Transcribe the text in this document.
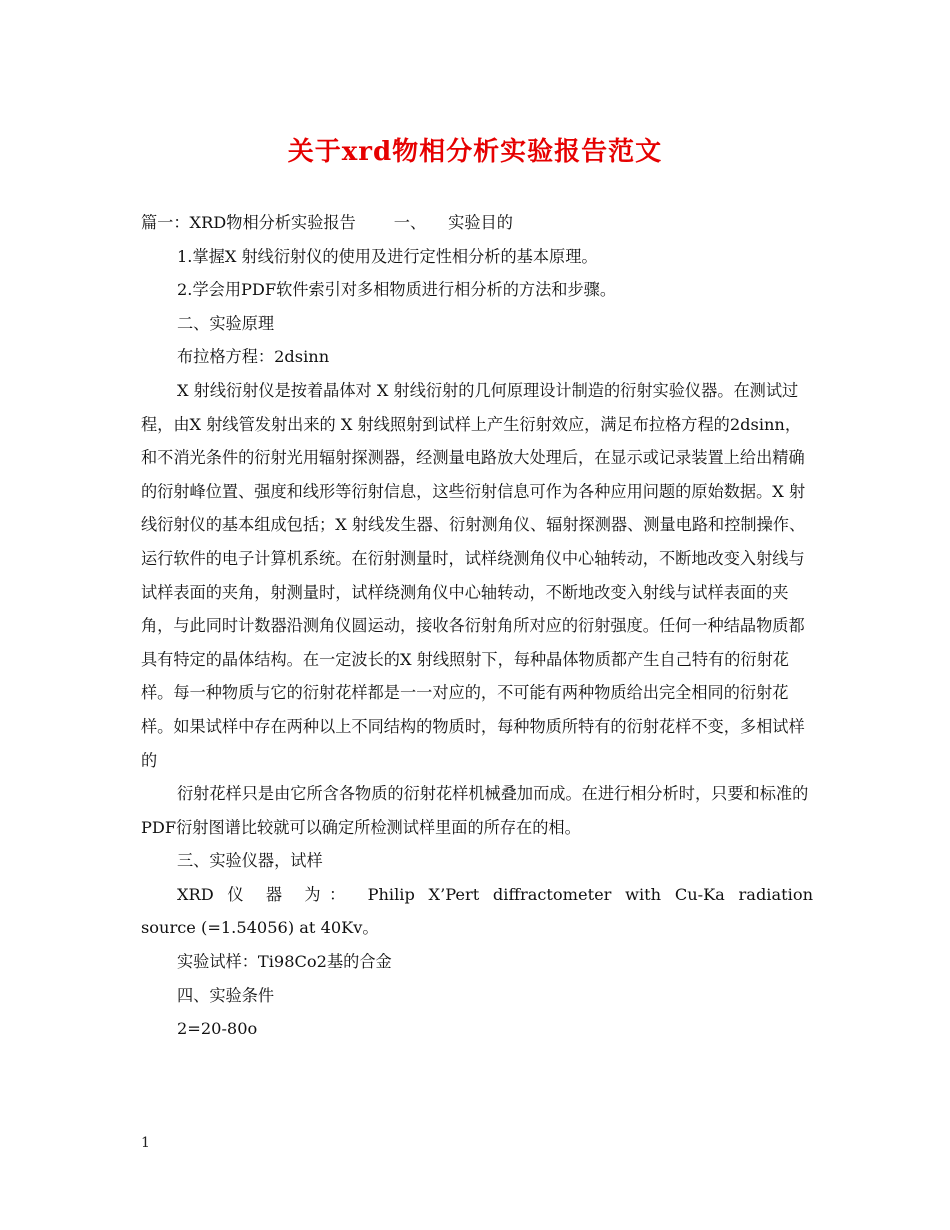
关于xrd物相分析实验报告范文

篇一：XRD物相分析实验报告 一、 实验目的

1.掌握X 射线衍射仪的使用及进行定性相分析的基本原理。

2.学会用PDF软件索引对多相物质进行相分析的方法和步骤。

二、实验原理

布拉格方程：2dsinn

X 射线衍射仪是按着晶体对 X 射线衍射的几何原理设计制造的衍射实验仪器。在测试过程，由X 射线管发射出来的 X 射线照射到试样上产生衍射效应，满足布拉格方程的2dsinn，和不消光条件的衍射光用辐射探测器，经测量电路放大处理后，在显示或记录装置上给出精确的衍射峰位置、强度和线形等衍射信息，这些衍射信息可作为各种应用问题的原始数据。X 射线衍射仪的基本组成包括；X 射线发生器、衍射测角仪、辐射探测器、测量电路和控制操作、运行软件的电子计算机系统。在衍射测量时，试样绕测角仪中心轴转动，不断地改变入射线与试样表面的夹角，射测量时，试样绕测角仪中心轴转动，不断地改变入射线与试样表面的夹角，与此同时计数器沿测角仪圆运动，接收各衍射角所对应的衍射强度。任何一种结晶物质都具有特定的晶体结构。在一定波长的X 射线照射下，每种晶体物质都产生自己特有的衍射花样。每一种物质与它的衍射花样都是一一对应的，不可能有两种物质给出完全相同的衍射花样。如果试样中存在两种以上不同结构的物质时，每种物质所特有的衍射花样不变，多相试样的

衍射花样只是由它所含各物质的衍射花样机械叠加而成。在进行相分析时，只要和标准的PDF衍射图谱比较就可以确定所检测试样里面的所存在的相。

三、实验仪器，试样

XRD 仪 器 为： Philip X’Pert diffractometer with Cu-Ka radiation

source (=1.54056) at 40Kv。

实验试样：Ti98Co2基的合金

四、实验条件

2=20-80o

1
